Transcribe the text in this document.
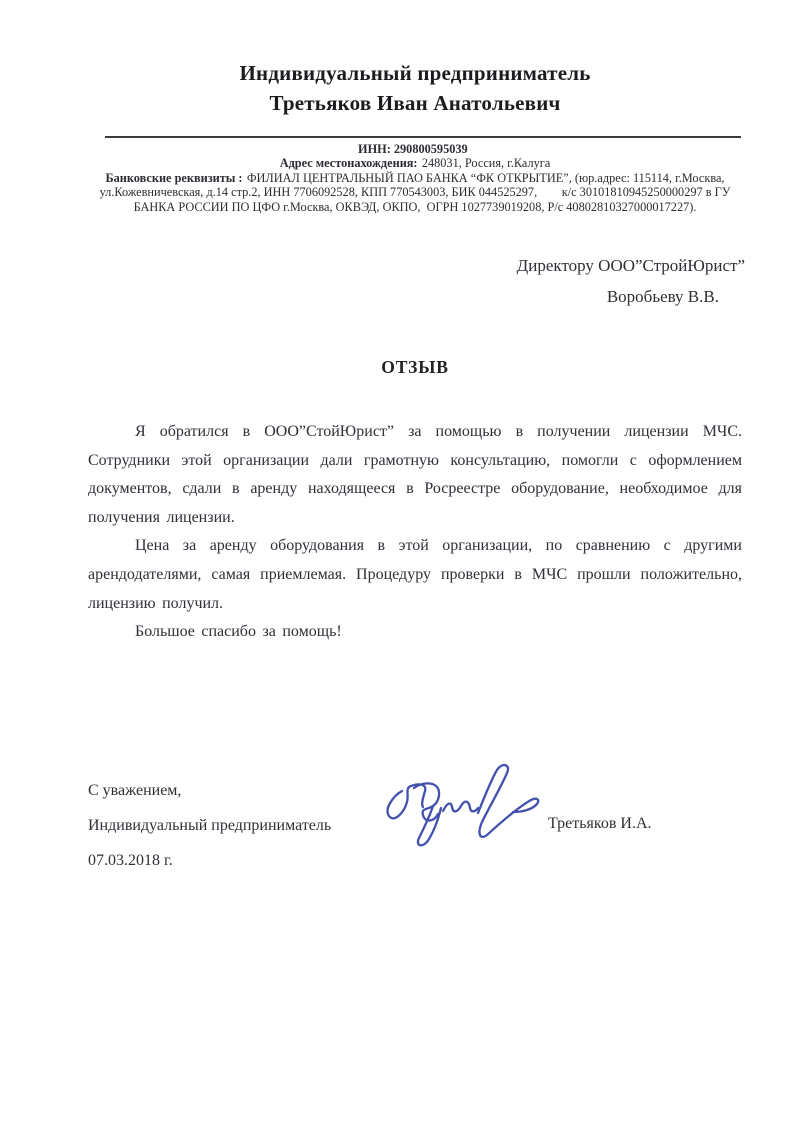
Индивидуальный предприниматель
Третьяков Иван Анатольевич
ИНН: 290800595039
Адрес местонахождения: 248031, Россия, г.Калуга
Банковские реквизиты : ФИЛИАЛ ЦЕНТРАЛЬНЫЙ ПАО БАНКА “ФК ОТКРЫТИЕ”, (юр.адрес: 115114, г.Москва,
ул.Кожевничевская, д.14 стр.2, ИНН 7706092528, КПП 770543003, БИК 044525297,        к/с 30101810945250000297 в ГУ
БАНКА РОССИИ ПО ЦФО г.Москва, ОКВЭД, ОКПО,  ОГРН 1027739019208, Р/с 40802810327000017227).
Директору ООО”СтройЮрист”
Воробьеву В.В.
ОТЗЫВ

Я обратился в ООО”СтойЮрист” за помощью в получении лицензии МЧС. Сотрудники этой организации дали грамотную консультацию, помогли с оформлением документов, сдали в аренду находящееся в Росреестре оборудование, необходимое для получения лицензии.

Цена за аренду оборудования в этой организации, по сравнению с другими арендодателями, самая приемлемая. Процедуру проверки в МЧС прошли положительно, лицензию получил.

Большое спасибо за помощь!

С уважением,
Индивидуальный предприниматель
07.03.2018 г.
Третьяков И.А.
